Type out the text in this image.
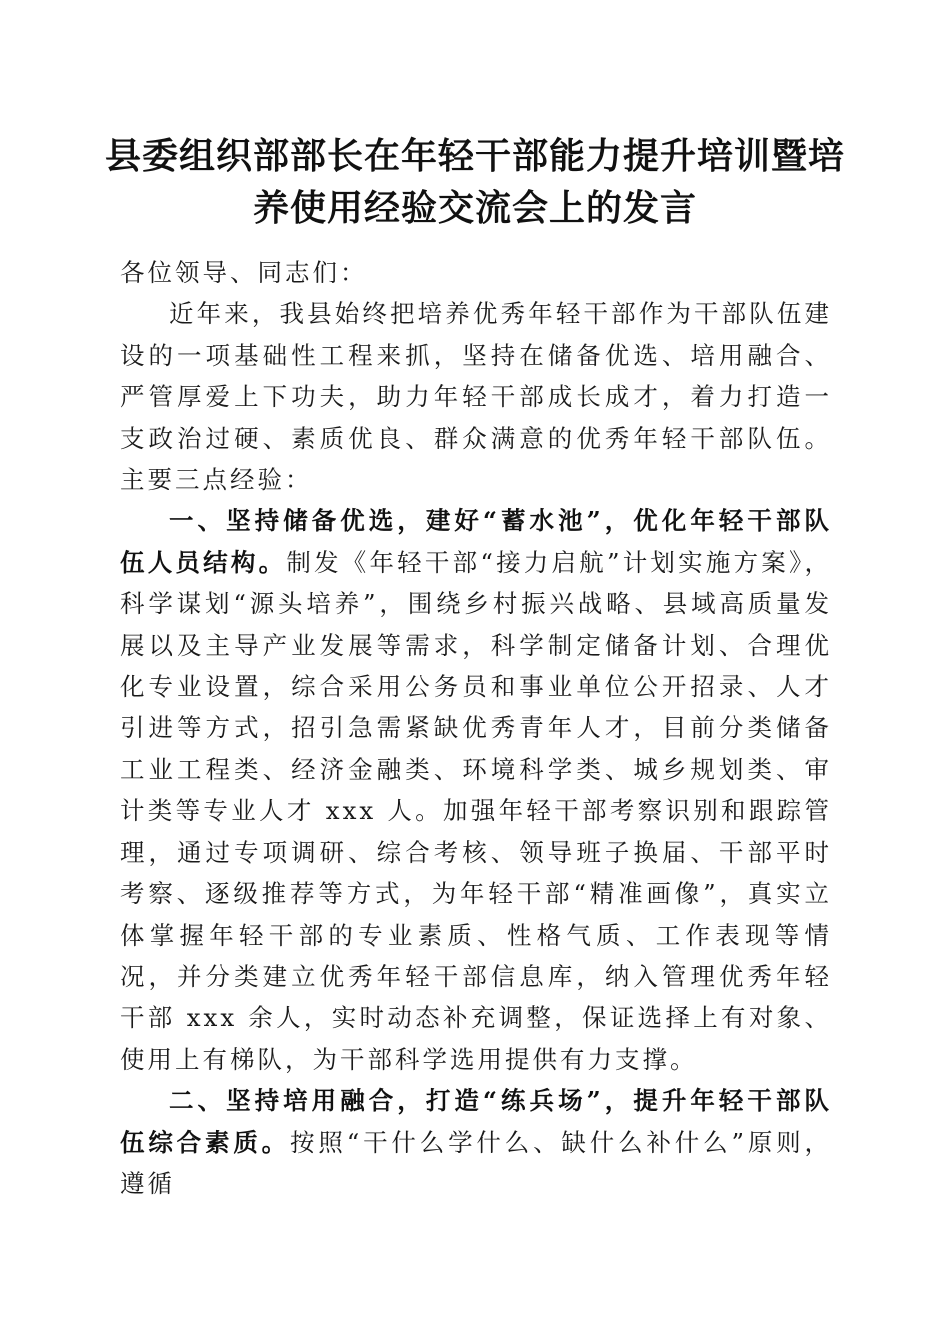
县委组织部部长在年轻干部能力提升培训暨培
养使用经验交流会上的发言

各位领导、同志们：

近年来，我县始终把培养优秀年轻干部作为干部队伍建设的一项基础性工程来抓，坚持在储备优选、培用融合、严管厚爱上下功夫，助力年轻干部成长成才，着力打造一支政治过硬、素质优良、群众满意的优秀年轻干部队伍。主要三点经验：

一、坚持储备优选，建好“蓄水池”，优化年轻干部队伍人员结构。制发《年轻干部“接力启航”计划实施方案》，科学谋划“源头培养”，围绕乡村振兴战略、县域高质量发展以及主导产业发展等需求，科学制定储备计划、合理优化专业设置，综合采用公务员和事业单位公开招录、人才引进等方式，招引急需紧缺优秀青年人才，目前分类储备工业工程类、经济金融类、环境科学类、城乡规划类、审计类等专业人才 xxx 人。加强年轻干部考察识别和跟踪管理，通过专项调研、综合考核、领导班子换届、干部平时考察、逐级推荐等方式，为年轻干部“精准画像”，真实立体掌握年轻干部的专业素质、性格气质、工作表现等情况，并分类建立优秀年轻干部信息库，纳入管理优秀年轻干部 xxx 余人，实时动态补充调整，保证选择上有对象、使用上有梯队，为干部科学选用提供有力支撑。

二、坚持培用融合，打造“练兵场”，提升年轻干部队伍综合素质。按照“干什么学什么、缺什么补什么”原则，遵循
